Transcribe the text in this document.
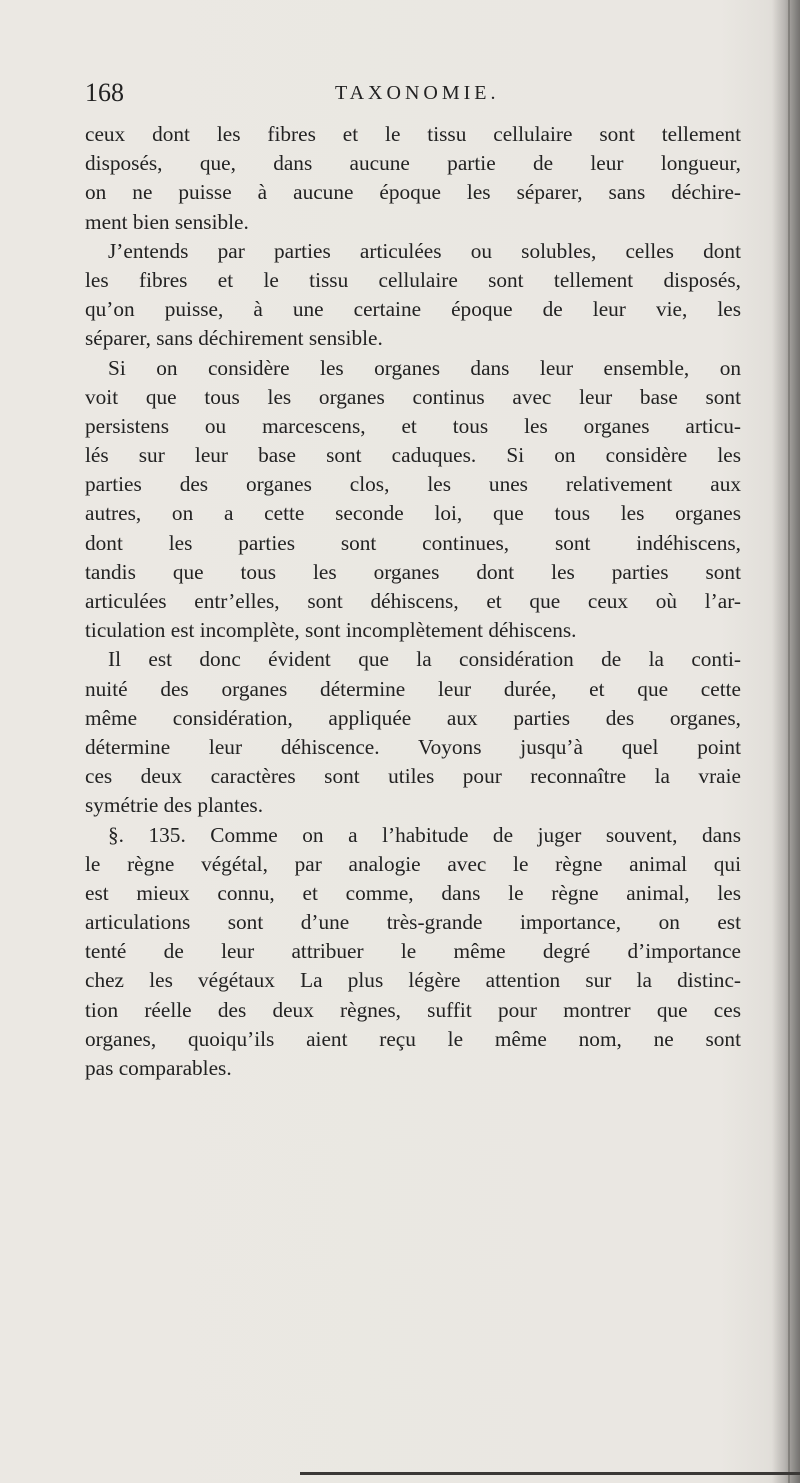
168	TAXONOMIE.
ceux dont les fibres et le tissu cellulaire sont tellement
disposés, que, dans aucune partie de leur longueur,
on ne puisse à aucune époque les séparer, sans déchire-
ment bien sensible.
J’entends par parties articulées ou solubles, celles dont
les fibres et le tissu cellulaire sont tellement disposés,
qu’on puisse, à une certaine époque de leur vie, les
séparer, sans déchirement sensible.
Si on considère les organes dans leur ensemble, on
voit que tous les organes continus avec leur base sont
persistens ou marcescens, et tous les organes articu-
lés sur leur base sont caduques. Si on considère les
parties des organes clos, les unes relativement aux
autres, on a cette seconde loi, que tous les organes
dont les parties sont continues, sont indéhiscens,
tandis que tous les organes dont les parties sont
articulées entr’elles, sont déhiscens, et que ceux où l’ar-
ticulation est incomplète, sont incomplètement déhiscens.
Il est donc évident que la considération de la conti-
nuité des organes détermine leur durée, et que cette
même considération, appliquée aux parties des organes,
détermine leur déhiscence. Voyons jusqu’à quel point
ces deux caractères sont utiles pour reconnaître la vraie
symétrie des plantes.
§. 135. Comme on a l’habitude de juger souvent, dans
le règne végétal, par analogie avec le règne animal qui
est mieux connu, et comme, dans le règne animal, les
articulations sont d’une très-grande importance, on est
tenté de leur attribuer le même degré d’importance
chez les végétaux La plus légère attention sur la distinc-
tion réelle des deux règnes, suffit pour montrer que ces
organes, quoiqu’ils aient reçu le même nom, ne sont
pas comparables.
